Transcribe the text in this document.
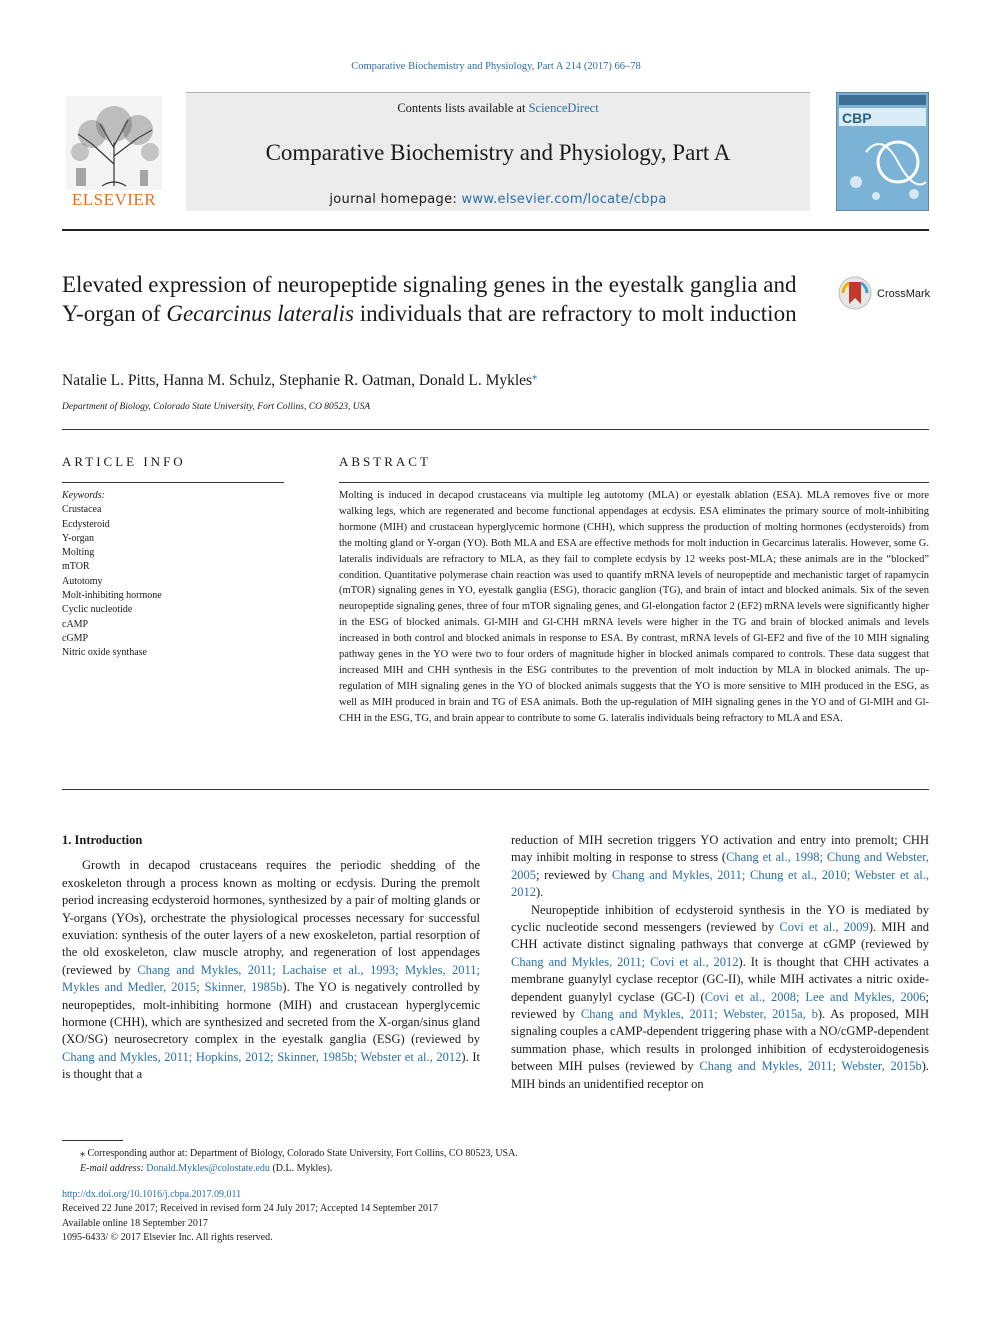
Comparative Biochemistry and Physiology, Part A 214 (2017) 66–78
ELSEVIER
Contents lists available at ScienceDirect
Comparative Biochemistry and Physiology, Part A
journal homepage: www.elsevier.com/locate/cbpa
CBP
Elevated expression of neuropeptide signaling genes in the eyestalk ganglia and Y-organ of Gecarcinus lateralis individuals that are refractory to molt induction
CrossMark
Natalie L. Pitts, Hanna M. Schulz, Stephanie R. Oatman, Donald L. Mykles⁎
Department of Biology, Colorado State University, Fort Collins, CO 80523, USA
ARTICLE INFO	ABSTRACT
Keywords:
Crustacea
Ecdysteroid
Y-organ
Molting
mTOR
Autotomy
Molt-inhibiting hormone
Cyclic nucleotide
cAMP
cGMP
Nitric oxide synthase
Molting is induced in decapod crustaceans via multiple leg autotomy (MLA) or eyestalk ablation (ESA). MLA removes five or more walking legs, which are regenerated and become functional appendages at ecdysis. ESA eliminates the primary source of molt-inhibiting hormone (MIH) and crustacean hyperglycemic hormone (CHH), which suppress the production of molting hormones (ecdysteroids) from the molting gland or Y-organ (YO). Both MLA and ESA are effective methods for molt induction in Gecarcinus lateralis. However, some G. lateralis individuals are refractory to MLA, as they fail to complete ecdysis by 12 weeks post-MLA; these animals are in the “blocked” condition. Quantitative polymerase chain reaction was used to quantify mRNA levels of neuropeptide and mechanistic target of rapamycin (mTOR) signaling genes in YO, eyestalk ganglia (ESG), thoracic ganglion (TG), and brain of intact and blocked animals. Six of the seven neuropeptide signaling genes, three of four mTOR signaling genes, and Gl-elongation factor 2 (EF2) mRNA levels were significantly higher in the ESG of blocked animals. Gl-MIH and Gl-CHH mRNA levels were higher in the TG and brain of blocked animals and levels increased in both control and blocked animals in response to ESA. By contrast, mRNA levels of Gl-EF2 and five of the 10 MIH signaling pathway genes in the YO were two to four orders of magnitude higher in blocked animals compared to controls. These data suggest that increased MIH and CHH synthesis in the ESG contributes to the prevention of molt induction by MLA in blocked animals. The up-regulation of MIH signaling genes in the YO of blocked animals suggests that the YO is more sensitive to MIH produced in the ESG, as well as MIH produced in brain and TG of ESA animals. Both the up-regulation of MIH signaling genes in the YO and of Gl-MIH and Gl-CHH in the ESG, TG, and brain appear to contribute to some G. lateralis individuals being refractory to MLA and ESA.
1. Introduction

Growth in decapod crustaceans requires the periodic shedding of the exoskeleton through a process known as molting or ecdysis. During the premolt period increasing ecdysteroid hormones, synthesized by a pair of molting glands or Y-organs (YOs), orchestrate the physiological processes necessary for successful exuviation: synthesis of the outer layers of a new exoskeleton, partial resorption of the old exoskeleton, claw muscle atrophy, and regeneration of lost appendages (reviewed by Chang and Mykles, 2011; Lachaise et al., 1993; Mykles, 2011; Mykles and Medler, 2015; Skinner, 1985b). The YO is negatively controlled by neuropeptides, molt-inhibiting hormone (MIH) and crustacean hyperglycemic hormone (CHH), which are synthesized and secreted from the X-organ/sinus gland (XO/SG) neurosecretory complex in the eyestalk ganglia (ESG) (reviewed by Chang and Mykles, 2011; Hopkins, 2012; Skinner, 1985b; Webster et al., 2012). It is thought that a

reduction of MIH secretion triggers YO activation and entry into premolt; CHH may inhibit molting in response to stress (Chang et al., 1998; Chung and Webster, 2005; reviewed by Chang and Mykles, 2011; Chung et al., 2010; Webster et al., 2012).

Neuropeptide inhibition of ecdysteroid synthesis in the YO is mediated by cyclic nucleotide second messengers (reviewed by Covi et al., 2009). MIH and CHH activate distinct signaling pathways that converge at cGMP (reviewed by Chang and Mykles, 2011; Covi et al., 2012). It is thought that CHH activates a membrane guanylyl cyclase receptor (GC-II), while MIH activates a nitric oxide-dependent guanylyl cyclase (GC-I) (Covi et al., 2008; Lee and Mykles, 2006; reviewed by Chang and Mykles, 2011; Webster, 2015a, b). As proposed, MIH signaling couples a cAMP-dependent triggering phase with a NO/cGMP-dependent summation phase, which results in prolonged inhibition of ecdysteroidogenesis between MIH pulses (reviewed by Chang and Mykles, 2011; Webster, 2015b). MIH binds an unidentified receptor on

⁎ Corresponding author at: Department of Biology, Colorado State University, Fort Collins, CO 80523, USA.
E-mail address: Donald.Mykles@colostate.edu (D.L. Mykles).
http://dx.doi.org/10.1016/j.cbpa.2017.09.011
Received 22 June 2017; Received in revised form 24 July 2017; Accepted 14 September 2017
Available online 18 September 2017
1095-6433/ © 2017 Elsevier Inc. All rights reserved.
